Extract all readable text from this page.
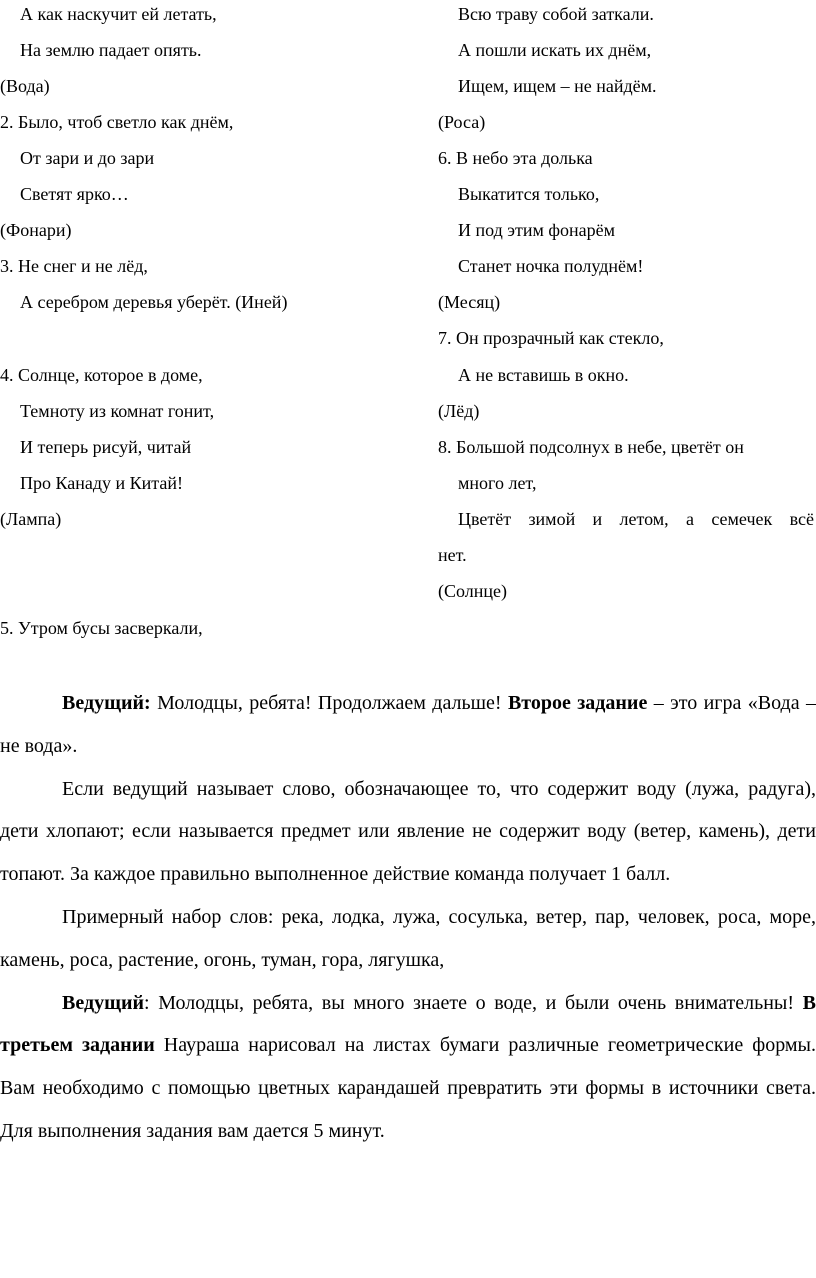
А как наскучит ей летать,
На землю падает опять.
(Вода)
2. Было, чтоб светло как днём,
От зари и до зари
Светят ярко…
(Фонари)
3. Не снег и не лёд,
А серебром деревья уберёт. (Иней)
4. Солнце, которое в доме,
Темноту из комнат гонит,
И теперь рисуй, читай
Про Канаду и Китай!
(Лампа)
5. Утром бусы засверкали,
Всю траву собой заткали.
А пошли искать их днём,
Ищем, ищем – не найдём.
(Роса)
6. В небо эта долька
Выкатится только,
И под этим фонарём
Станет ночка полуднём!
(Месяц)
7. Он прозрачный как стекло,
А не вставишь в окно.
(Лёд)
8. Большой подсолнух в небе, цветёт он
много лет,
Цветёт зимой и летом, а семечек всё
нет.
(Солнце)

Ведущий: Молодцы, ребята! Продолжаем дальше! Второе задание – это игра «Вода – не вода».

Если ведущий называет слово, обозначающее то, что содержит воду (лужа, радуга), дети хлопают; если называется предмет или явление не содержит воду (ветер, камень), дети топают. За каждое правильно выполненное действие команда получает 1 балл.

Примерный набор слов: река, лодка, лужа, сосулька, ветер, пар, человек, роса, море, камень, роса, растение, огонь, туман, гора, лягушка,

Ведущий: Молодцы, ребята, вы много знаете о воде, и были очень внимательны! В третьем задании Наураша нарисовал на листах бумаги различные геометрические формы. Вам необходимо с помощью цветных карандашей превратить эти формы в источники света. Для выполнения задания вам дается 5 минут.
